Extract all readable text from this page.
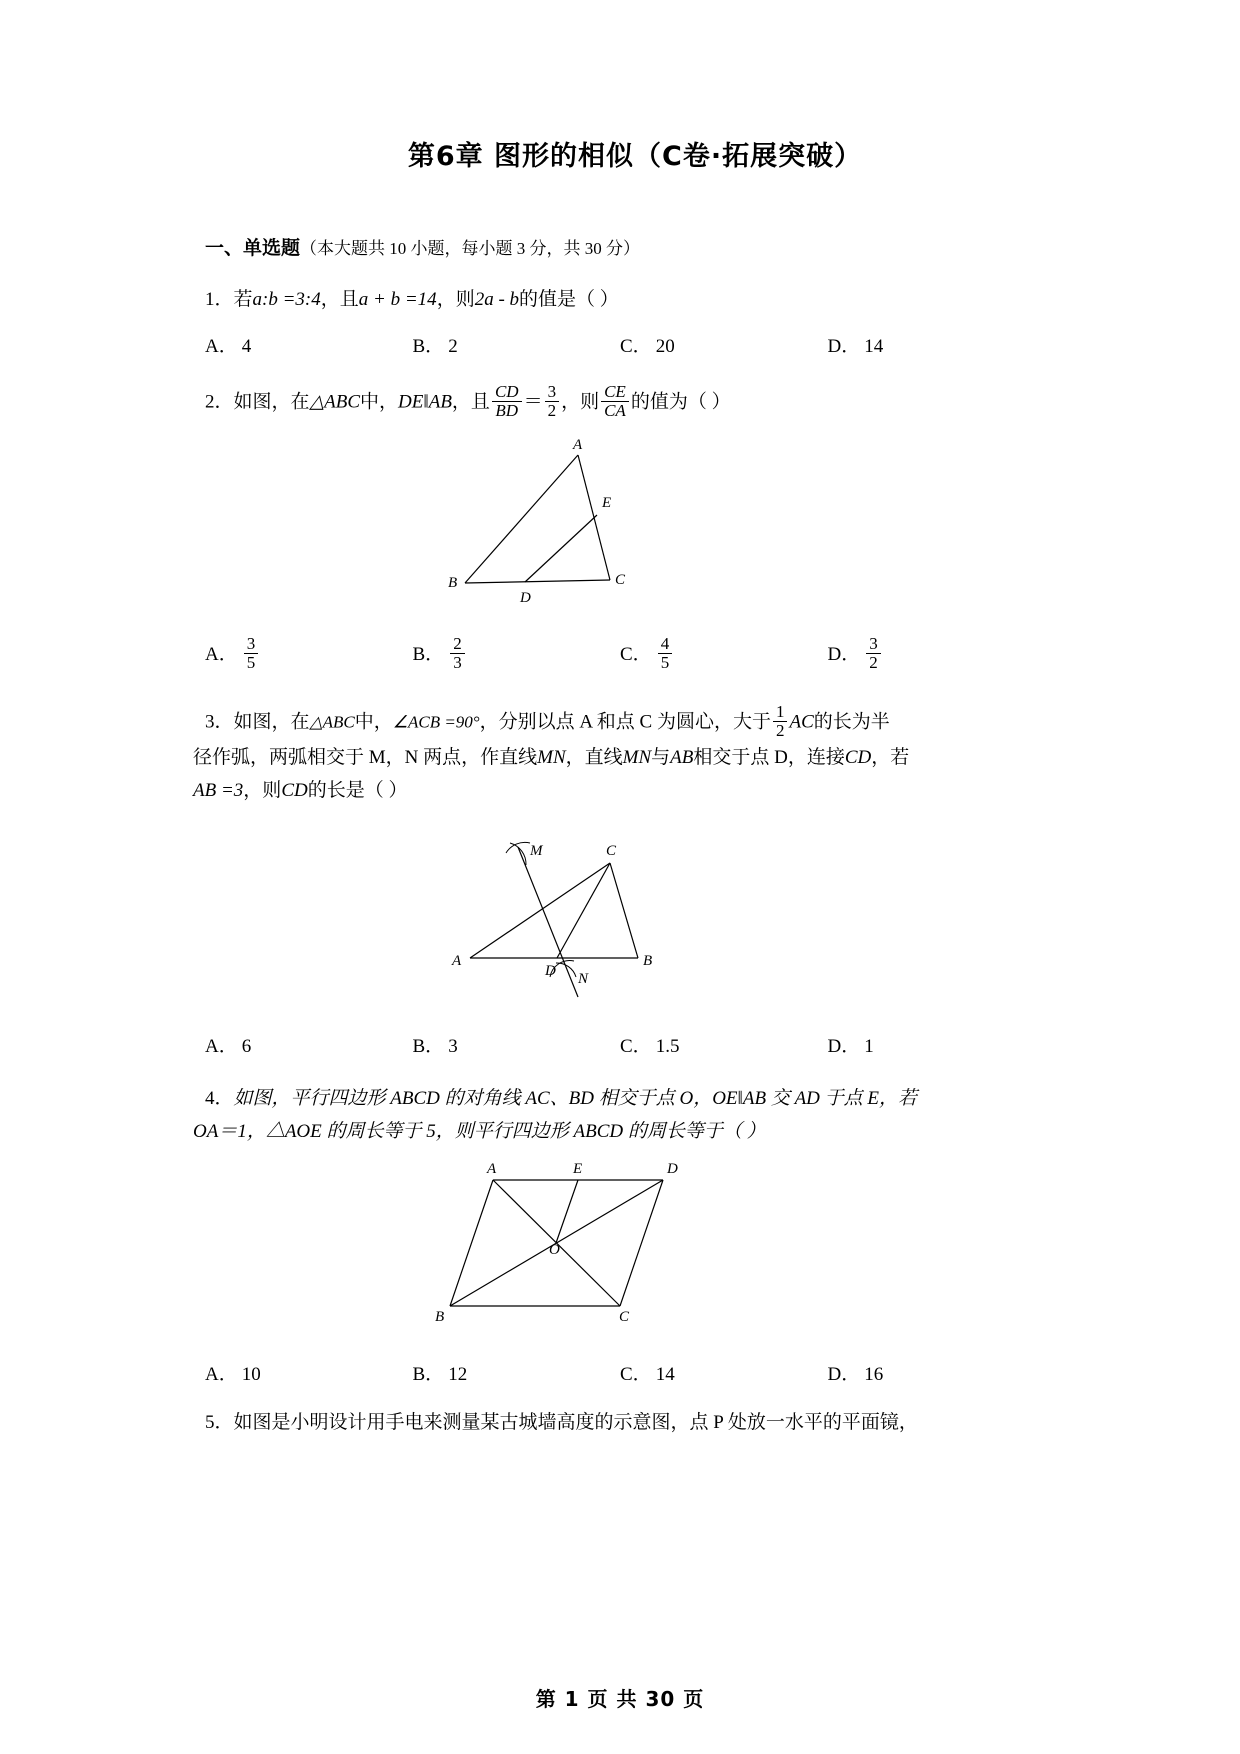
第6章 图形的相似（C卷·拓展突破）
一、单选题（本大题共 10 小题，每小题 3 分，共 30 分）
1．若a:b =3:4，且a + b =14，则2a - b的值是（ ）
A． 4	B． 2	C． 20	D． 14
2．如图，在△ABC中，DE‖AB，且 $\frac{CD}{BD} = \frac{3}{2}$ ，则 $\frac{CE}{CA}$ 的值为（ ）
A
E
B
D
C
A． $\frac{3}{5}$	B． $\frac{2}{3}$	C． $\frac{4}{5}$	D． $\frac{3}{2}$
3．如图，在△ABC中，∠ACB =90°，分别以点 A 和点 C 为圆心，大于 $\frac{1}{2}$ AC的长为半
径作弧，两弧相交于 M，N 两点，作直线MN，直线MN与AB相交于点 D，连接CD，若
AB =3，则CD的长是（ ）
M	C
A
D N
B
A． 6	B． 3	C． 1.5	D． 1
4．如图，平行四边形 ABCD 的对角线 AC、BD 相交于点 O，OE‖AB 交 AD 于点 E，若
OA＝1，△AOE 的周长等于 5，则平行四边形 ABCD 的周长等于（ ）
A	E	D
O
B	C
A． 10	B． 12	C． 14	D． 16
5．如图是小明设计用手电来测量某古城墙高度的示意图，点 P 处放一水平的平面镜，
第 1 页 共 30 页
